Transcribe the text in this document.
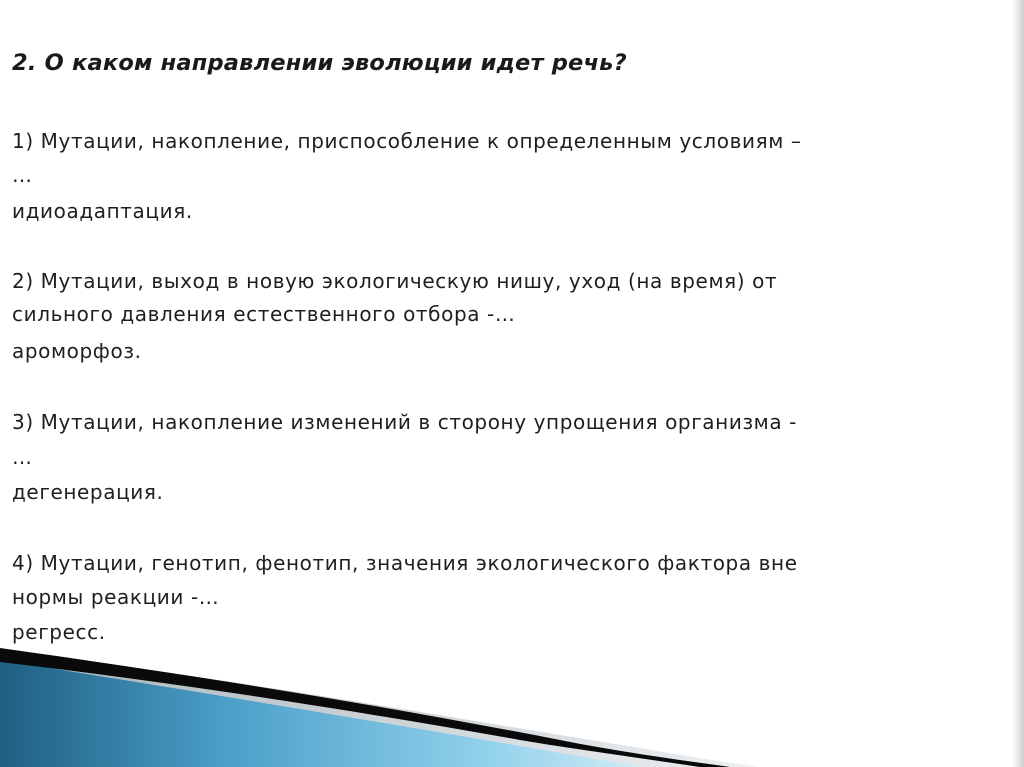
2. О каком направлении эволюции идет речь?

1) Мутации, накопление, приспособление к определенным условиям –

…

идиоадаптация.

2) Мутации, выход в новую экологическую нишу, уход (на время) от

сильного давления естественного отбора -…

ароморфоз.

3) Мутации, накопление изменений в сторону упрощения организма -

…

дегенерация.

4) Мутации, генотип, фенотип, значения экологического фактора вне

нормы реакции -…

регресс.
